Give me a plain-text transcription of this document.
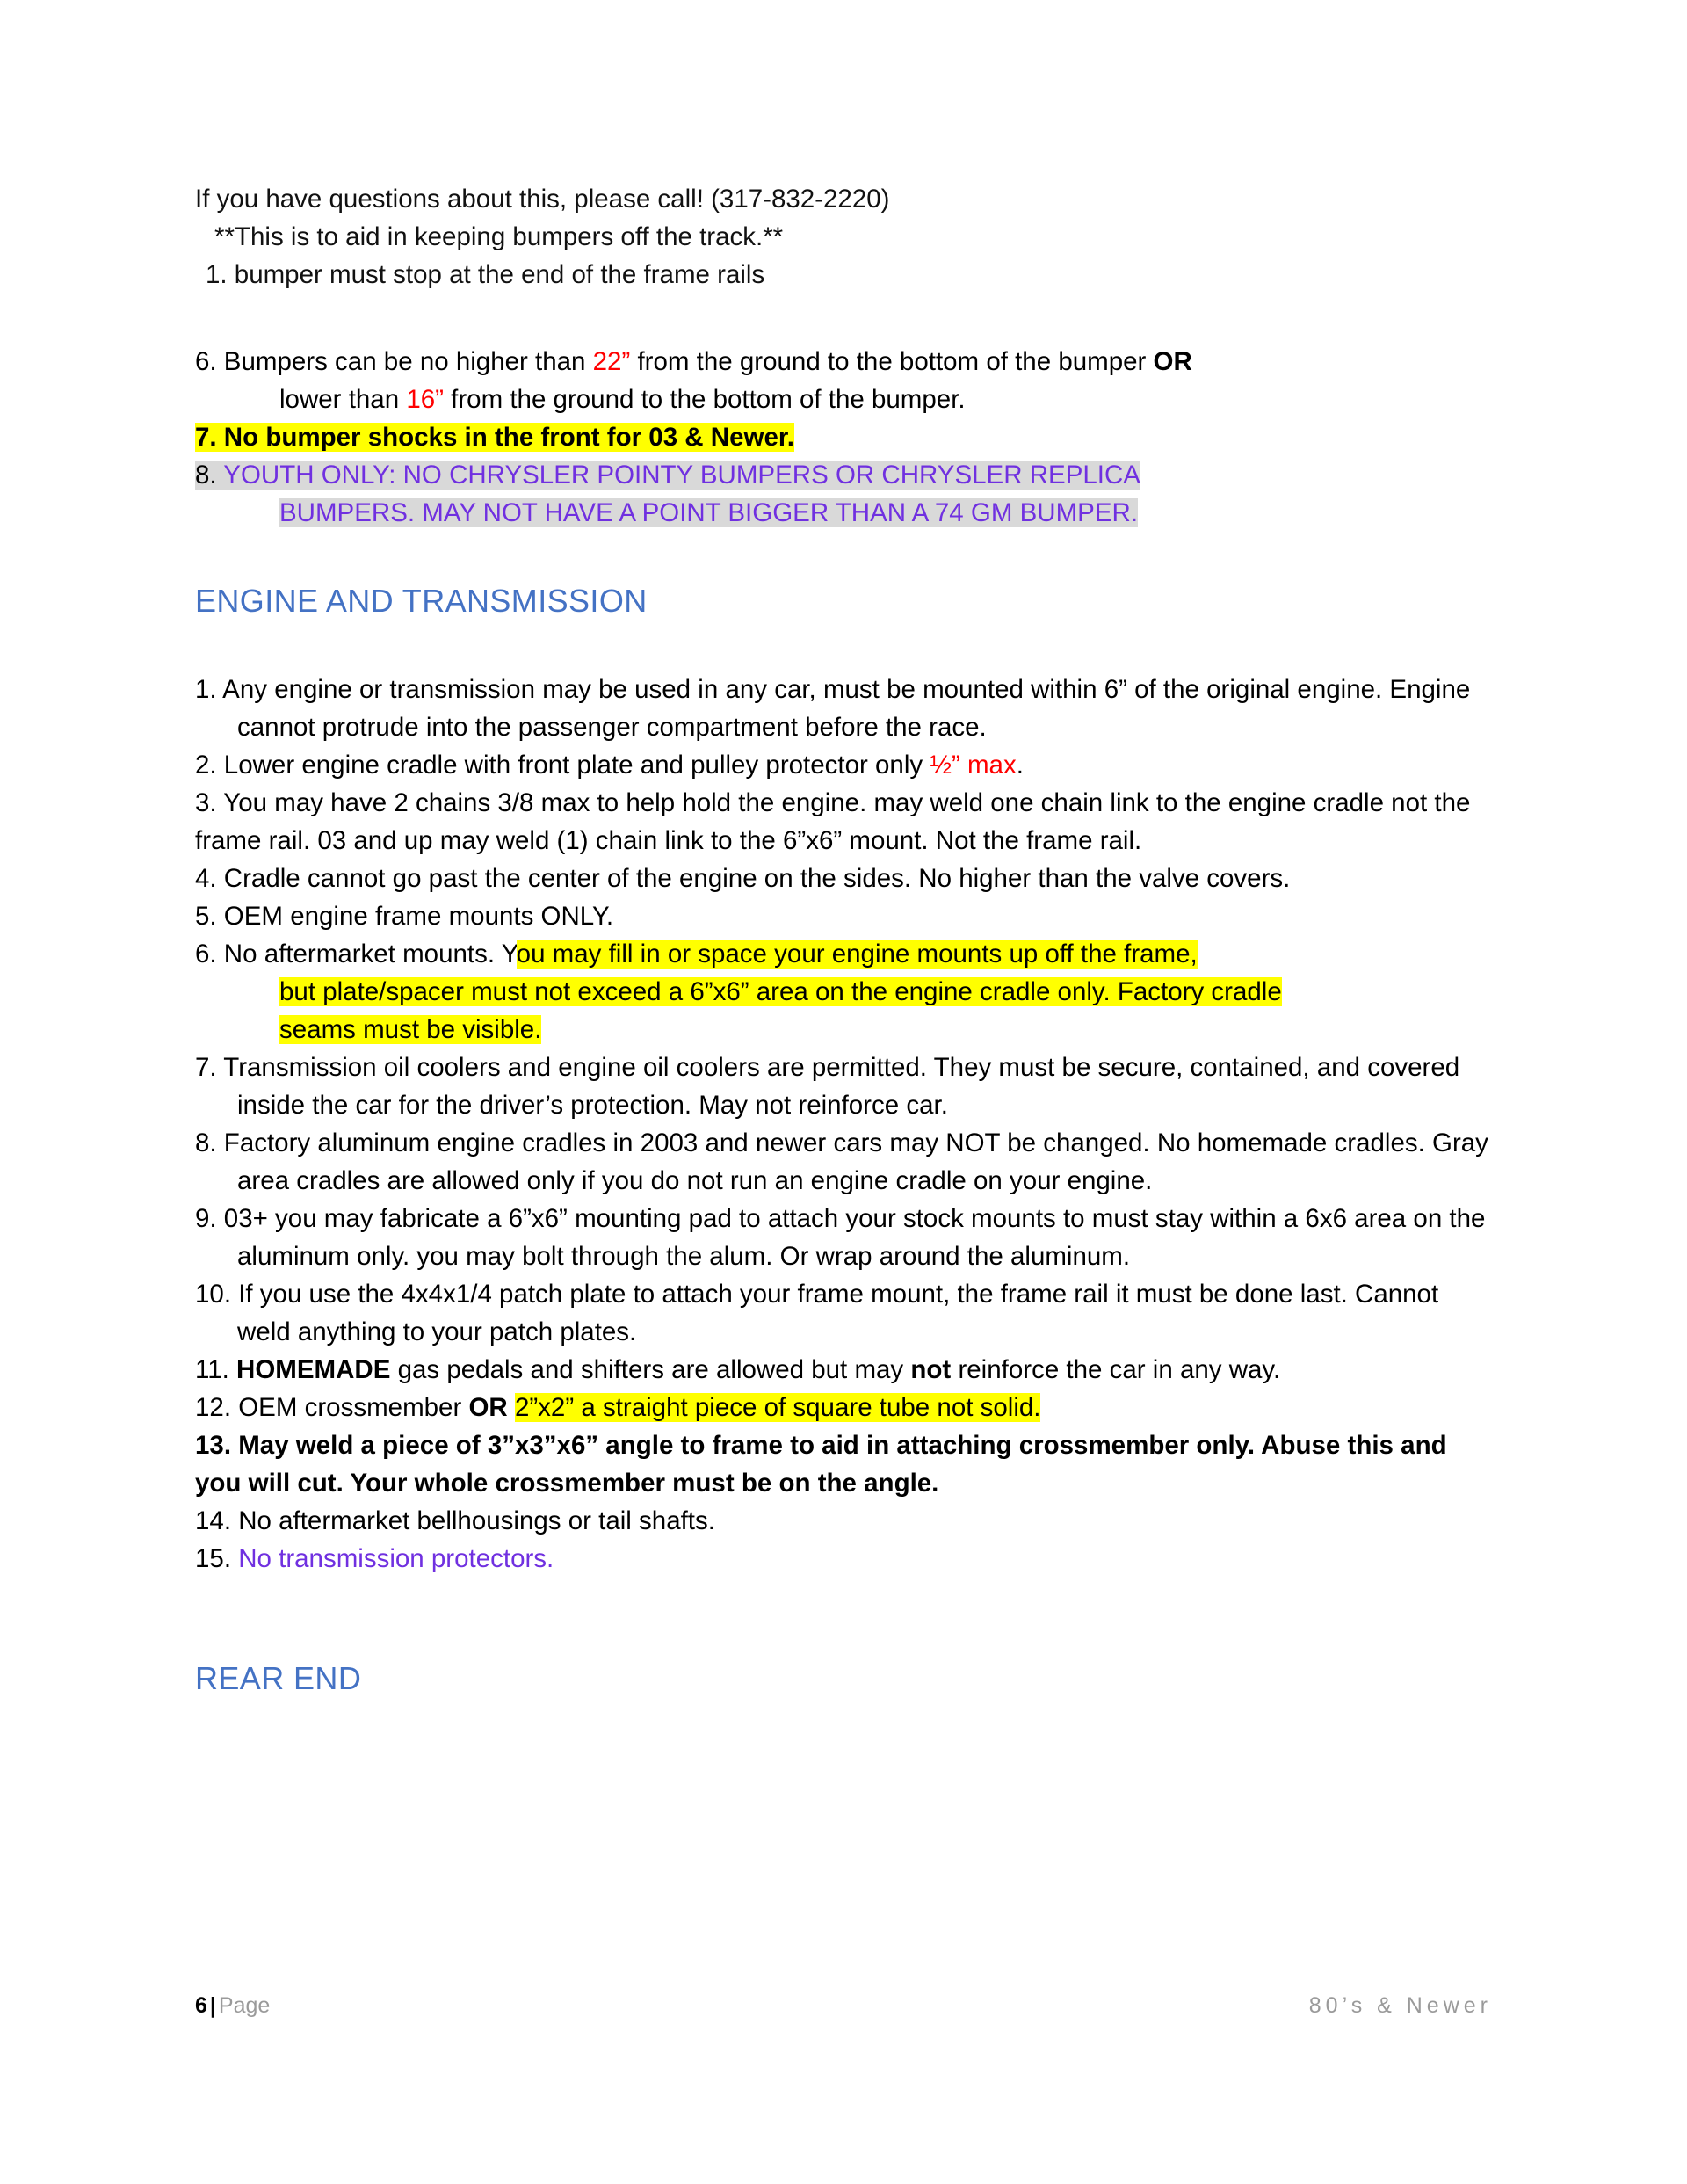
If you have questions about this, please call! (317-832-2220)

**This is to aid in keeping bumpers off the track.**

1. bumper must stop at the end of the frame rails

6. Bumpers can be no higher than 22” from the ground to the bottom of the bumper OR
lower than 16” from the ground to the bottom of the bumper.

7. No bumper shocks in the front for 03 & Newer.

8. YOUTH ONLY: NO CHRYSLER POINTY BUMPERS OR CHRYSLER REPLICA
BUMPERS. MAY NOT HAVE A POINT BIGGER THAN A 74 GM BUMPER.

ENGINE AND TRANSMISSION

1. Any engine or transmission may be used in any car, must be mounted within 6” of the original engine. Engine cannot protrude into the passenger compartment before the race.

2. Lower engine cradle with front plate and pulley protector only ½” max.

3. You may have 2 chains 3/8 max to help hold the engine. may weld one chain link to the engine cradle not the frame rail. 03 and up may weld (1) chain link to the 6”x6” mount. Not the frame rail.

4. Cradle cannot go past the center of the engine on the sides. No higher than the valve covers.

5. OEM engine frame mounts ONLY.

6. No aftermarket mounts. You may fill in or space your engine mounts up off the frame,
but plate/spacer must not exceed a 6”x6” area on the engine cradle only. Factory cradle
seams must be visible.

7. Transmission oil coolers and engine oil coolers are permitted. They must be secure, contained, and covered inside the car for the driver’s protection. May not reinforce car.

8. Factory aluminum engine cradles in 2003 and newer cars may NOT be changed. No homemade cradles. Gray area cradles are allowed only if you do not run an engine cradle on your engine.

9. 03+ you may fabricate a 6”x6” mounting pad to attach your stock mounts to must stay within a 6x6 area on the aluminum only. you may bolt through the alum. Or wrap around the aluminum.

10. If you use the 4x4x1/4 patch plate to attach your frame mount, the frame rail it must be done last. Cannot weld anything to your patch plates.

11. HOMEMADE gas pedals and shifters are allowed but may not reinforce the car in any way.

12. OEM crossmember OR 2”x2” a straight piece of square tube not solid.

13. May weld a piece of 3”x3”x6” angle to frame to aid in attaching crossmember only. Abuse this and you will cut. Your whole crossmember must be on the angle.

14. No aftermarket bellhousings or tail shafts.

15. No transmission protectors.

REAR END
6 | Page	80’s & Newer
